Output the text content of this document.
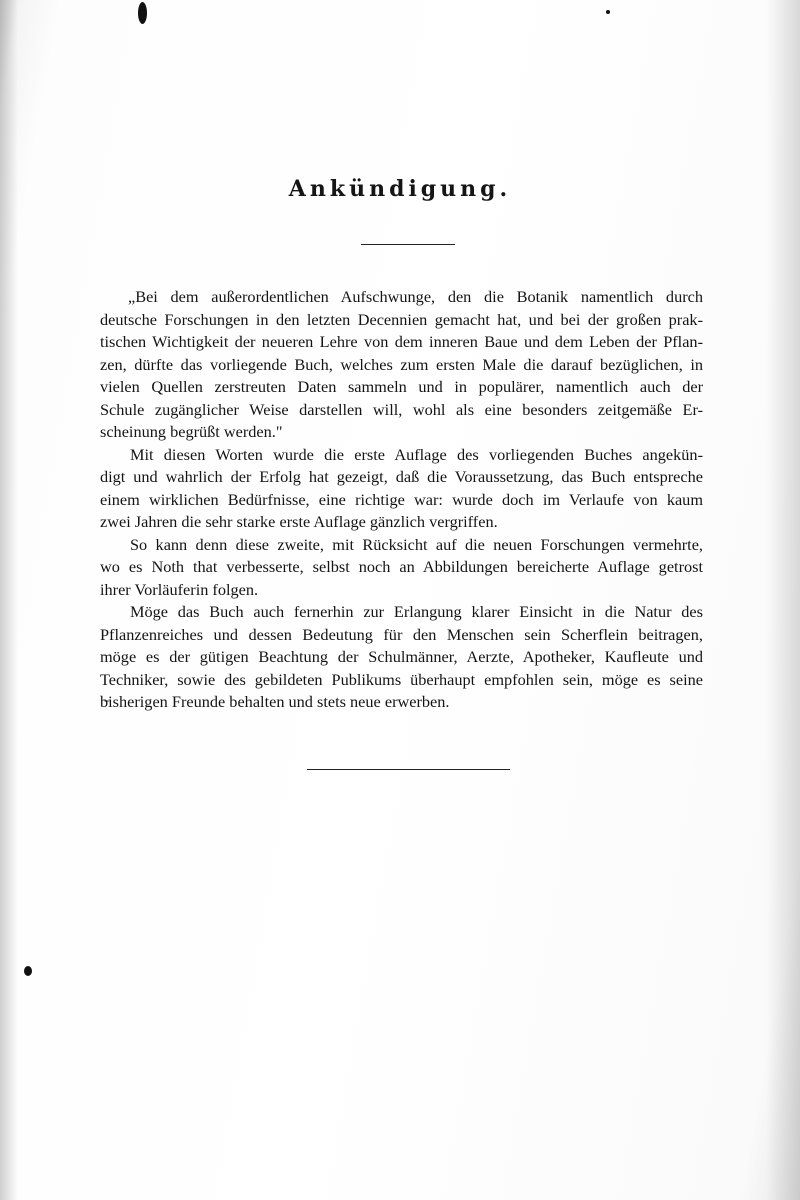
Ankündigung.
„Bei dem außerordentlichen Aufschwunge, den die Botanik namentlich durch
deutsche Forschungen in den letzten Decennien gemacht hat, und bei der großen prak-
tischen Wichtigkeit der neueren Lehre von dem inneren Baue und dem Leben der Pflan-
zen, dürfte das vorliegende Buch, welches zum ersten Male die darauf bezüglichen, in
vielen Quellen zerstreuten Daten sammeln und in populärer, namentlich auch der
Schule zugänglicher Weise darstellen will, wohl als eine besonders zeitgemäße Er-
scheinung begrüßt werden."
Mit diesen Worten wurde die erste Auflage des vorliegenden Buches angekün-
digt und wahrlich der Erfolg hat gezeigt, daß die Voraussetzung, das Buch entspreche
einem wirklichen Bedürfnisse, eine richtige war: wurde doch im Verlaufe von kaum
zwei Jahren die sehr starke erste Auflage gänzlich vergriffen.
So kann denn diese zweite, mit Rücksicht auf die neuen Forschungen vermehrte,
wo es Noth that verbesserte, selbst noch an Abbildungen bereicherte Auflage getrost
ihrer Vorläuferin folgen.
Möge das Buch auch fernerhin zur Erlangung klarer Einsicht in die Natur des
Pflanzenreiches und dessen Bedeutung für den Menschen sein Scherflein beitragen,
möge es der gütigen Beachtung der Schulmänner, Aerzte, Apotheker, Kaufleute und
Techniker, sowie des gebildeten Publikums überhaupt empfohlen sein, möge es seine
bisherigen Freunde behalten und stets neue erwerben.
